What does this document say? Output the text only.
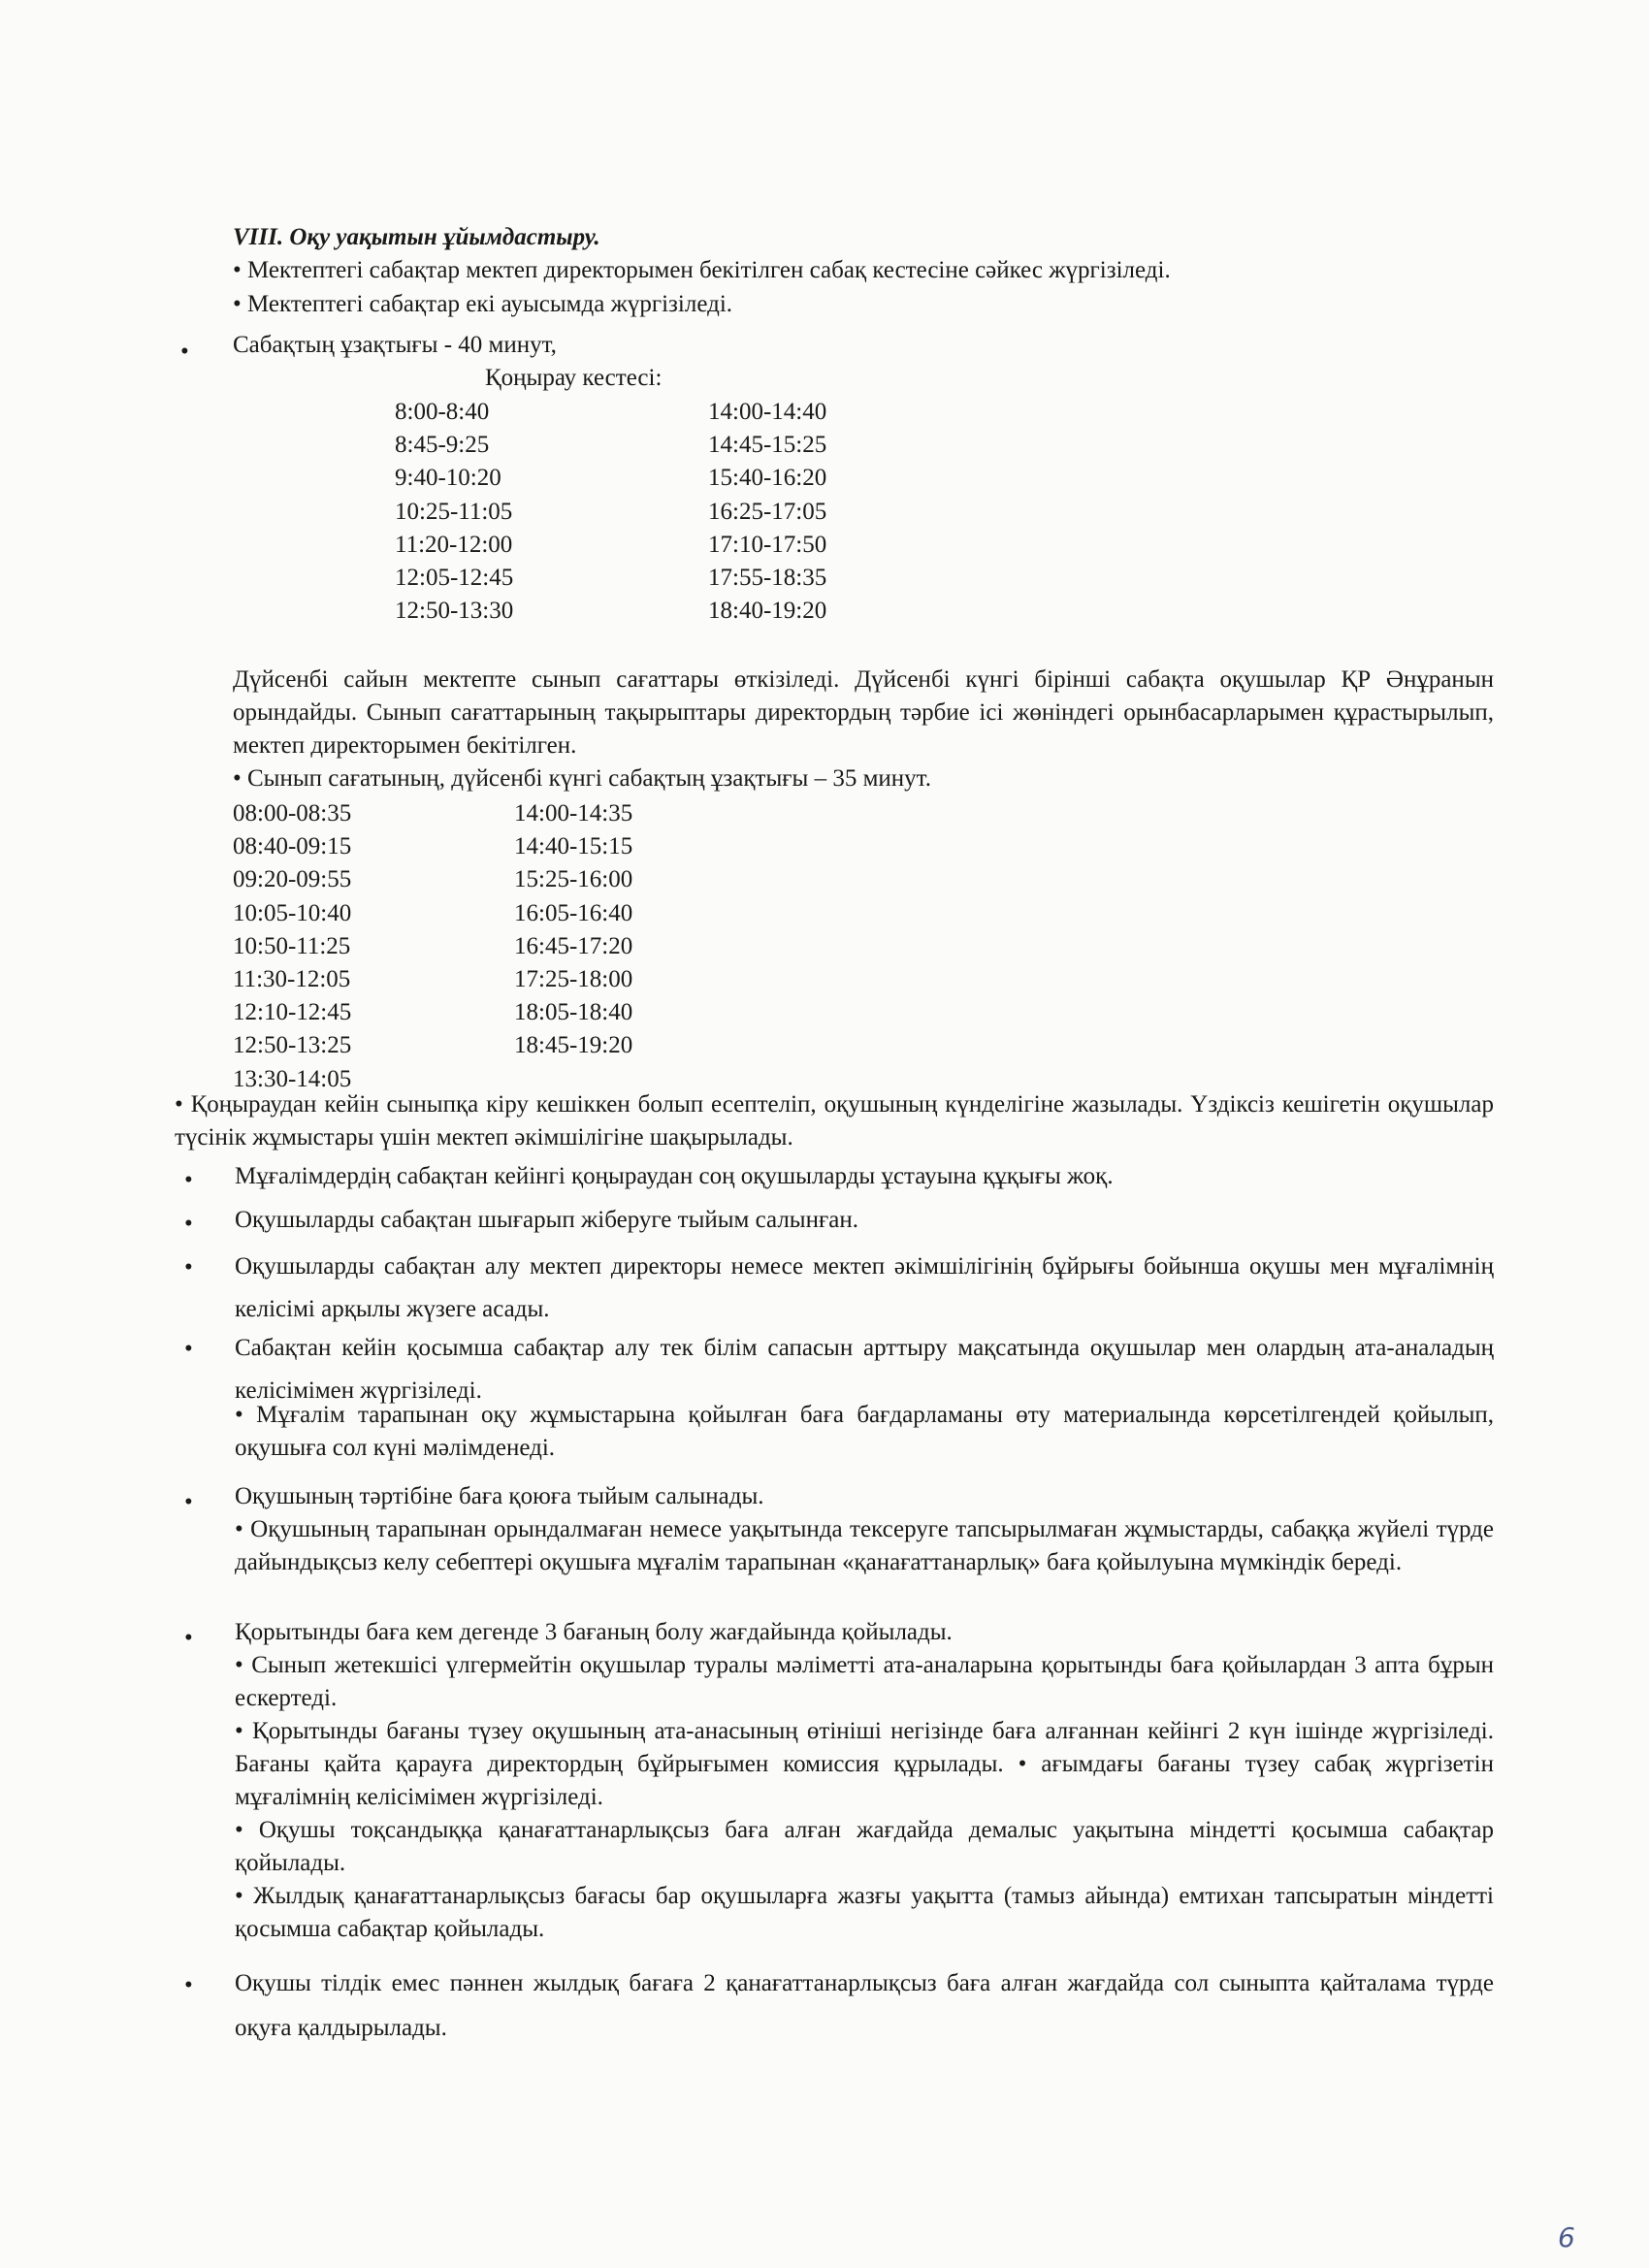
VIII. Оқу уақытын ұйымдастыру.
• Мектептегі сабақтар мектеп директорымен бекітілген сабақ кестесіне сәйкес жүргізіледі.
• Мектептегі сабақтар екі ауысымда жүргізіледі.
• Сабақтың ұзақтығы - 40 минут,
Қоңырау кестесі:
8:00-8:40
8:45-9:25
9:40-10:20
10:25-11:05
11:20-12:00
12:05-12:45
12:50-13:30
14:00-14:40
14:45-15:25
15:40-16:20
16:25-17:05
17:10-17:50
17:55-18:35
18:40-19:20
Дүйсенбі сайын мектепте сынып сағаттары өткізіледі. Дүйсенбі күнгі бірінші сабақта оқушылар ҚР Әнұранын орындайды. Сынып сағаттарының тақырыптары директордың тәрбие ісі жөніндегі орынбасарларымен құрастырылып, мектеп директорымен бекітілген.
• Сынып сағатының, дүйсенбі күнгі сабақтың ұзақтығы – 35 минут.
08:00-08:35
08:40-09:15
09:20-09:55
10:05-10:40
10:50-11:25
11:30-12:05
12:10-12:45
12:50-13:25
13:30-14:05
14:00-14:35
14:40-15:15
15:25-16:00
16:05-16:40
16:45-17:20
17:25-18:00
18:05-18:40
18:45-19:20
• Қоңыраудан кейін сыныпқа кіру кешіккен болып есептеліп, оқушының күнделігіне жазылады. Үздіксіз кешігетін оқушылар түсінік жұмыстары үшін мектеп әкімшілігіне шақырылады.
• Мұғалімдердің сабақтан кейінгі қоңыраудан соң оқушыларды ұстауына құқығы жоқ.
• Оқушыларды сабақтан шығарып жіберуге тыйым салынған.
• Оқушыларды сабақтан алу мектеп директоры немесе мектеп әкімшілігінің бұйрығы бойынша оқушы мен мұғалімнің келісімі арқылы жүзеге асады.
• Сабақтан кейін қосымша сабақтар алу тек білім сапасын арттыру мақсатында оқушылар мен олардың ата-аналадың келісімімен жүргізіледі.
• Мұғалім тарапынан оқу жұмыстарына қойылған баға бағдарламаны өту материалында көрсетілгендей қойылып, оқушыға сол күні мәлімденеді.
• Оқушының тәртібіне баға қоюға тыйым салынады.
• Оқушының тарапынан орындалмаған немесе уақытында тексеруге тапсырылмаған жұмыстарды, сабаққа жүйелі түрде дайындықсыз келу себептері оқушыға мұғалім тарапынан «қанағаттанарлық» баға қойылуына мүмкіндік береді.
• Қорытынды баға кем дегенде 3 бағаның болу жағдайында қойылады.
• Сынып жетекшісі үлгермейтін оқушылар туралы мәліметті ата-аналарына қорытынды баға қойылардан 3 апта бұрын ескертеді.
• Қорытынды бағаны түзеу оқушының ата-анасының өтініші негізінде баға алғаннан кейінгі 2 күн ішінде жүргізіледі. Бағаны қайта қарауға директордың бұйрығымен комиссия құрылады. • ағымдағы бағаны түзеу сабақ жүргізетін мұғалімнің келісімімен жүргізіледі.
• Оқушы тоқсандыққа қанағаттанарлықсыз баға алған жағдайда демалыс уақытына міндетті қосымша сабақтар қойылады.
• Жылдық қанағаттанарлықсыз бағасы бар оқушыларға жазғы уақытта (тамыз айында) емтихан тапсыратын міндетті қосымша сабақтар қойылады.
• Оқушы тілдік емес пәннен жылдық бағаға 2 қанағаттанарлықсыз баға алған жағдайда сол сыныпта қайталама түрде оқуға қалдырылады.
6
